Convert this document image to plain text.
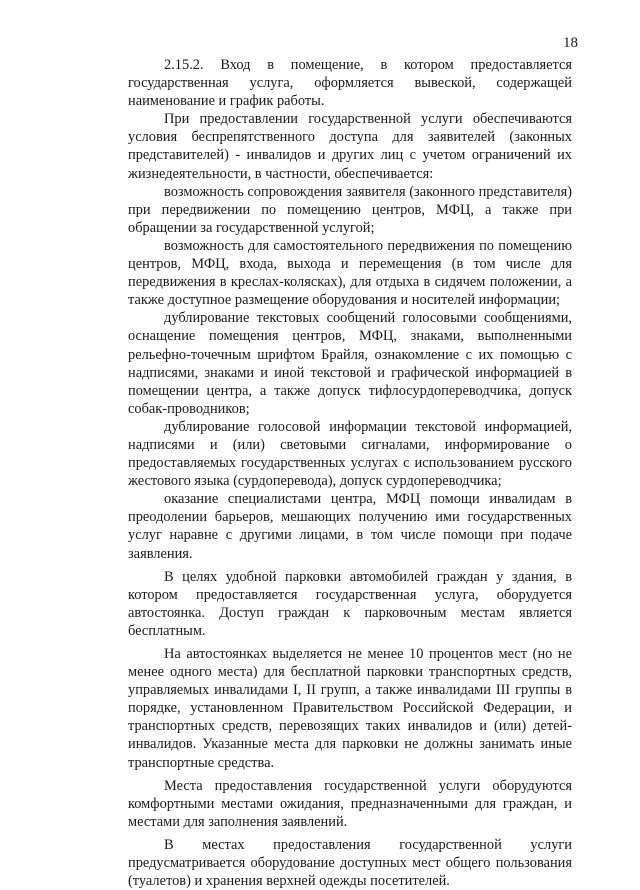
18

2.15.2. Вход в помещение, в котором предоставляется государственная услуга, оформляется вывеской, содержащей наименование и график работы.

При предоставлении государственной услуги обеспечиваются условия беспрепятственного доступа для заявителей (законных представителей) - инвалидов и других лиц с учетом ограничений их жизнедеятельности, в частности, обеспечивается:

возможность сопровождения заявителя (законного представителя) при передвижении по помещению центров, МФЦ, а также при обращении за государственной услугой;

возможность для самостоятельного передвижения по помещению центров, МФЦ, входа, выхода и перемещения (в том числе для передвижения в креслах-колясках), для отдыха в сидячем положении, а также доступное размещение оборудования и носителей информации;

дублирование текстовых сообщений голосовыми сообщениями, оснащение помещения центров, МФЦ, знаками, выполненными рельефно-точечным шрифтом Брайля, ознакомление с их помощью с надписями, знаками и иной текстовой и графической информацией в помещении центра, а также допуск тифлосурдопереводчика, допуск собак-проводников;

дублирование голосовой информации текстовой информацией, надписями и (или) световыми сигналами, информирование о предоставляемых государственных услугах с использованием русского жестового языка (сурдоперевода), допуск сурдопереводчика;

оказание специалистами центра, МФЦ помощи инвалидам в преодолении барьеров, мешающих получению ими государственных услуг наравне с другими лицами, в том числе помощи при подаче заявления.

В целях удобной парковки автомобилей граждан у здания, в котором предоставляется государственная услуга, оборудуется автостоянка. Доступ граждан к парковочным местам является бесплатным.

На автостоянках выделяется не менее 10 процентов мест (но не менее одного места) для бесплатной парковки транспортных средств, управляемых инвалидами I, II групп, а также инвалидами III группы в порядке, установленном Правительством Российской Федерации, и транспортных средств, перевозящих таких инвалидов и (или) детей-инвалидов. Указанные места для парковки не должны занимать иные транспортные средства.

Места предоставления государственной услуги оборудуются комфортными местами ожидания, предназначенными для граждан, и местами для заполнения заявлений.

В местах предоставления государственной услуги предусматривается оборудование доступных мест общего пользования (туалетов) и хранения верхней одежды посетителей.
